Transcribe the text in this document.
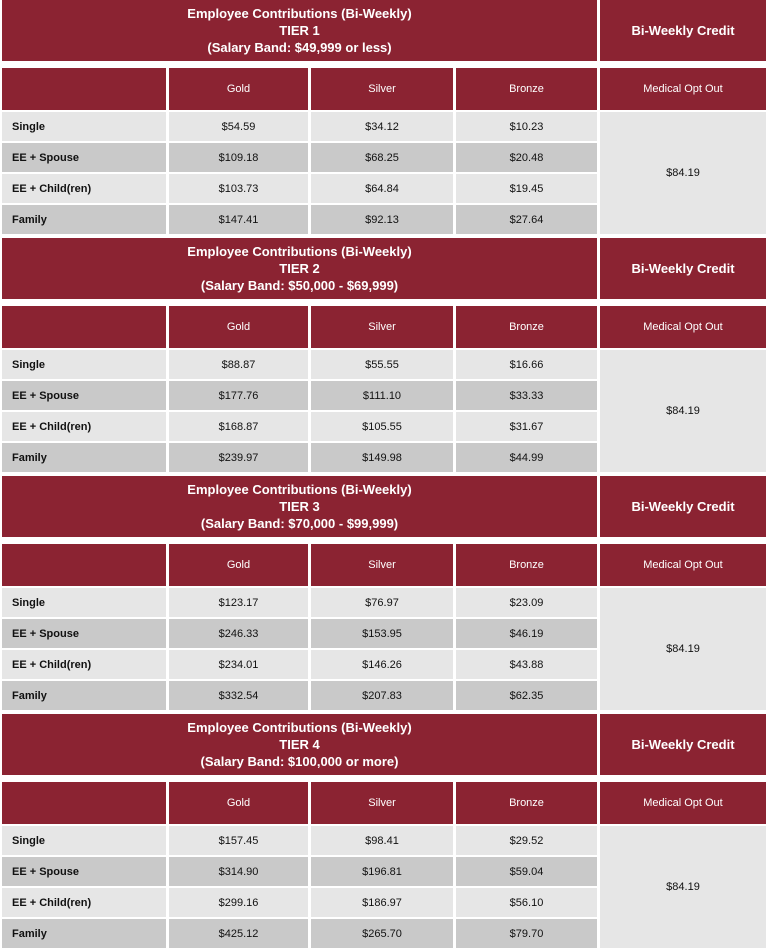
Employee Contributions (Bi-Weekly)
TIER 1
(Salary Band: $49,999 or less)
Bi-Weekly Credit
Gold	Silver	Bronze	Medical Opt Out
Single	$54.59	$34.12	$10.23
EE + Spouse	$109.18	$68.25	$20.48
EE + Child(ren)	$103.73	$64.84	$19.45
Family	$147.41	$92.13	$27.64
$84.19
Employee Contributions (Bi-Weekly)
TIER 2
(Salary Band: $50,000 - $69,999)
Bi-Weekly Credit
Gold	Silver	Bronze	Medical Opt Out
Single	$88.87	$55.55	$16.66
EE + Spouse	$177.76	$111.10	$33.33
EE + Child(ren)	$168.87	$105.55	$31.67
Family	$239.97	$149.98	$44.99
$84.19
Employee Contributions (Bi-Weekly)
TIER 3
(Salary Band: $70,000 - $99,999)
Bi-Weekly Credit
Gold	Silver	Bronze	Medical Opt Out
Single	$123.17	$76.97	$23.09
EE + Spouse	$246.33	$153.95	$46.19
EE + Child(ren)	$234.01	$146.26	$43.88
Family	$332.54	$207.83	$62.35
$84.19
Employee Contributions (Bi-Weekly)
TIER 4
(Salary Band: $100,000 or more)
Bi-Weekly Credit
Gold	Silver	Bronze	Medical Opt Out
Single	$157.45	$98.41	$29.52
EE + Spouse	$314.90	$196.81	$59.04
EE + Child(ren)	$299.16	$186.97	$56.10
Family	$425.12	$265.70	$79.70
$84.19
